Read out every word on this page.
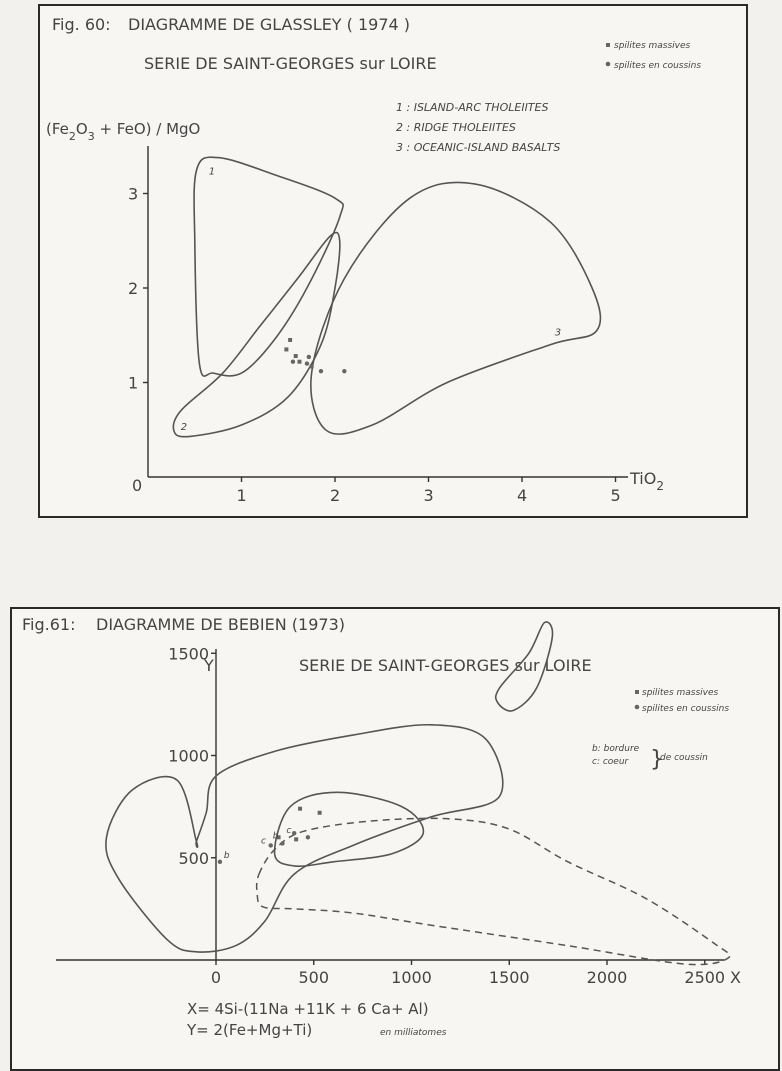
Fig. 60: DIAGRAMME DE GLASSLEY ( 1974 )
SERIE DE SAINT-GEORGES sur LOIRE
spilites massives
spilites en coussins
1 : ISLAND-ARC THOLEIITES
2 : RIDGE THOLEIITES
3 : OCEANIC-ISLAND BASALTS
$(Fe_2O_3 + FeO)$ / MgO
0	TiO$_2$
1	2	3	4	5
1
2
3
1
2
3
Fig.61: DIAGRAMME DE BEBIEN (1973)
SERIE DE SAINT-GEORGES sur LOIRE
spilites massives
spilites en coussins
b: bordure
c: coeur }
de coussin
Y
X
0	500	1000	1500	2000	2500
500
1000
1500
b
c
b
c
X= 4Si-(11Na +11K + 6 Ca+ Al)
Y= 2(Fe+Mg+Ti)	en milliatomes
